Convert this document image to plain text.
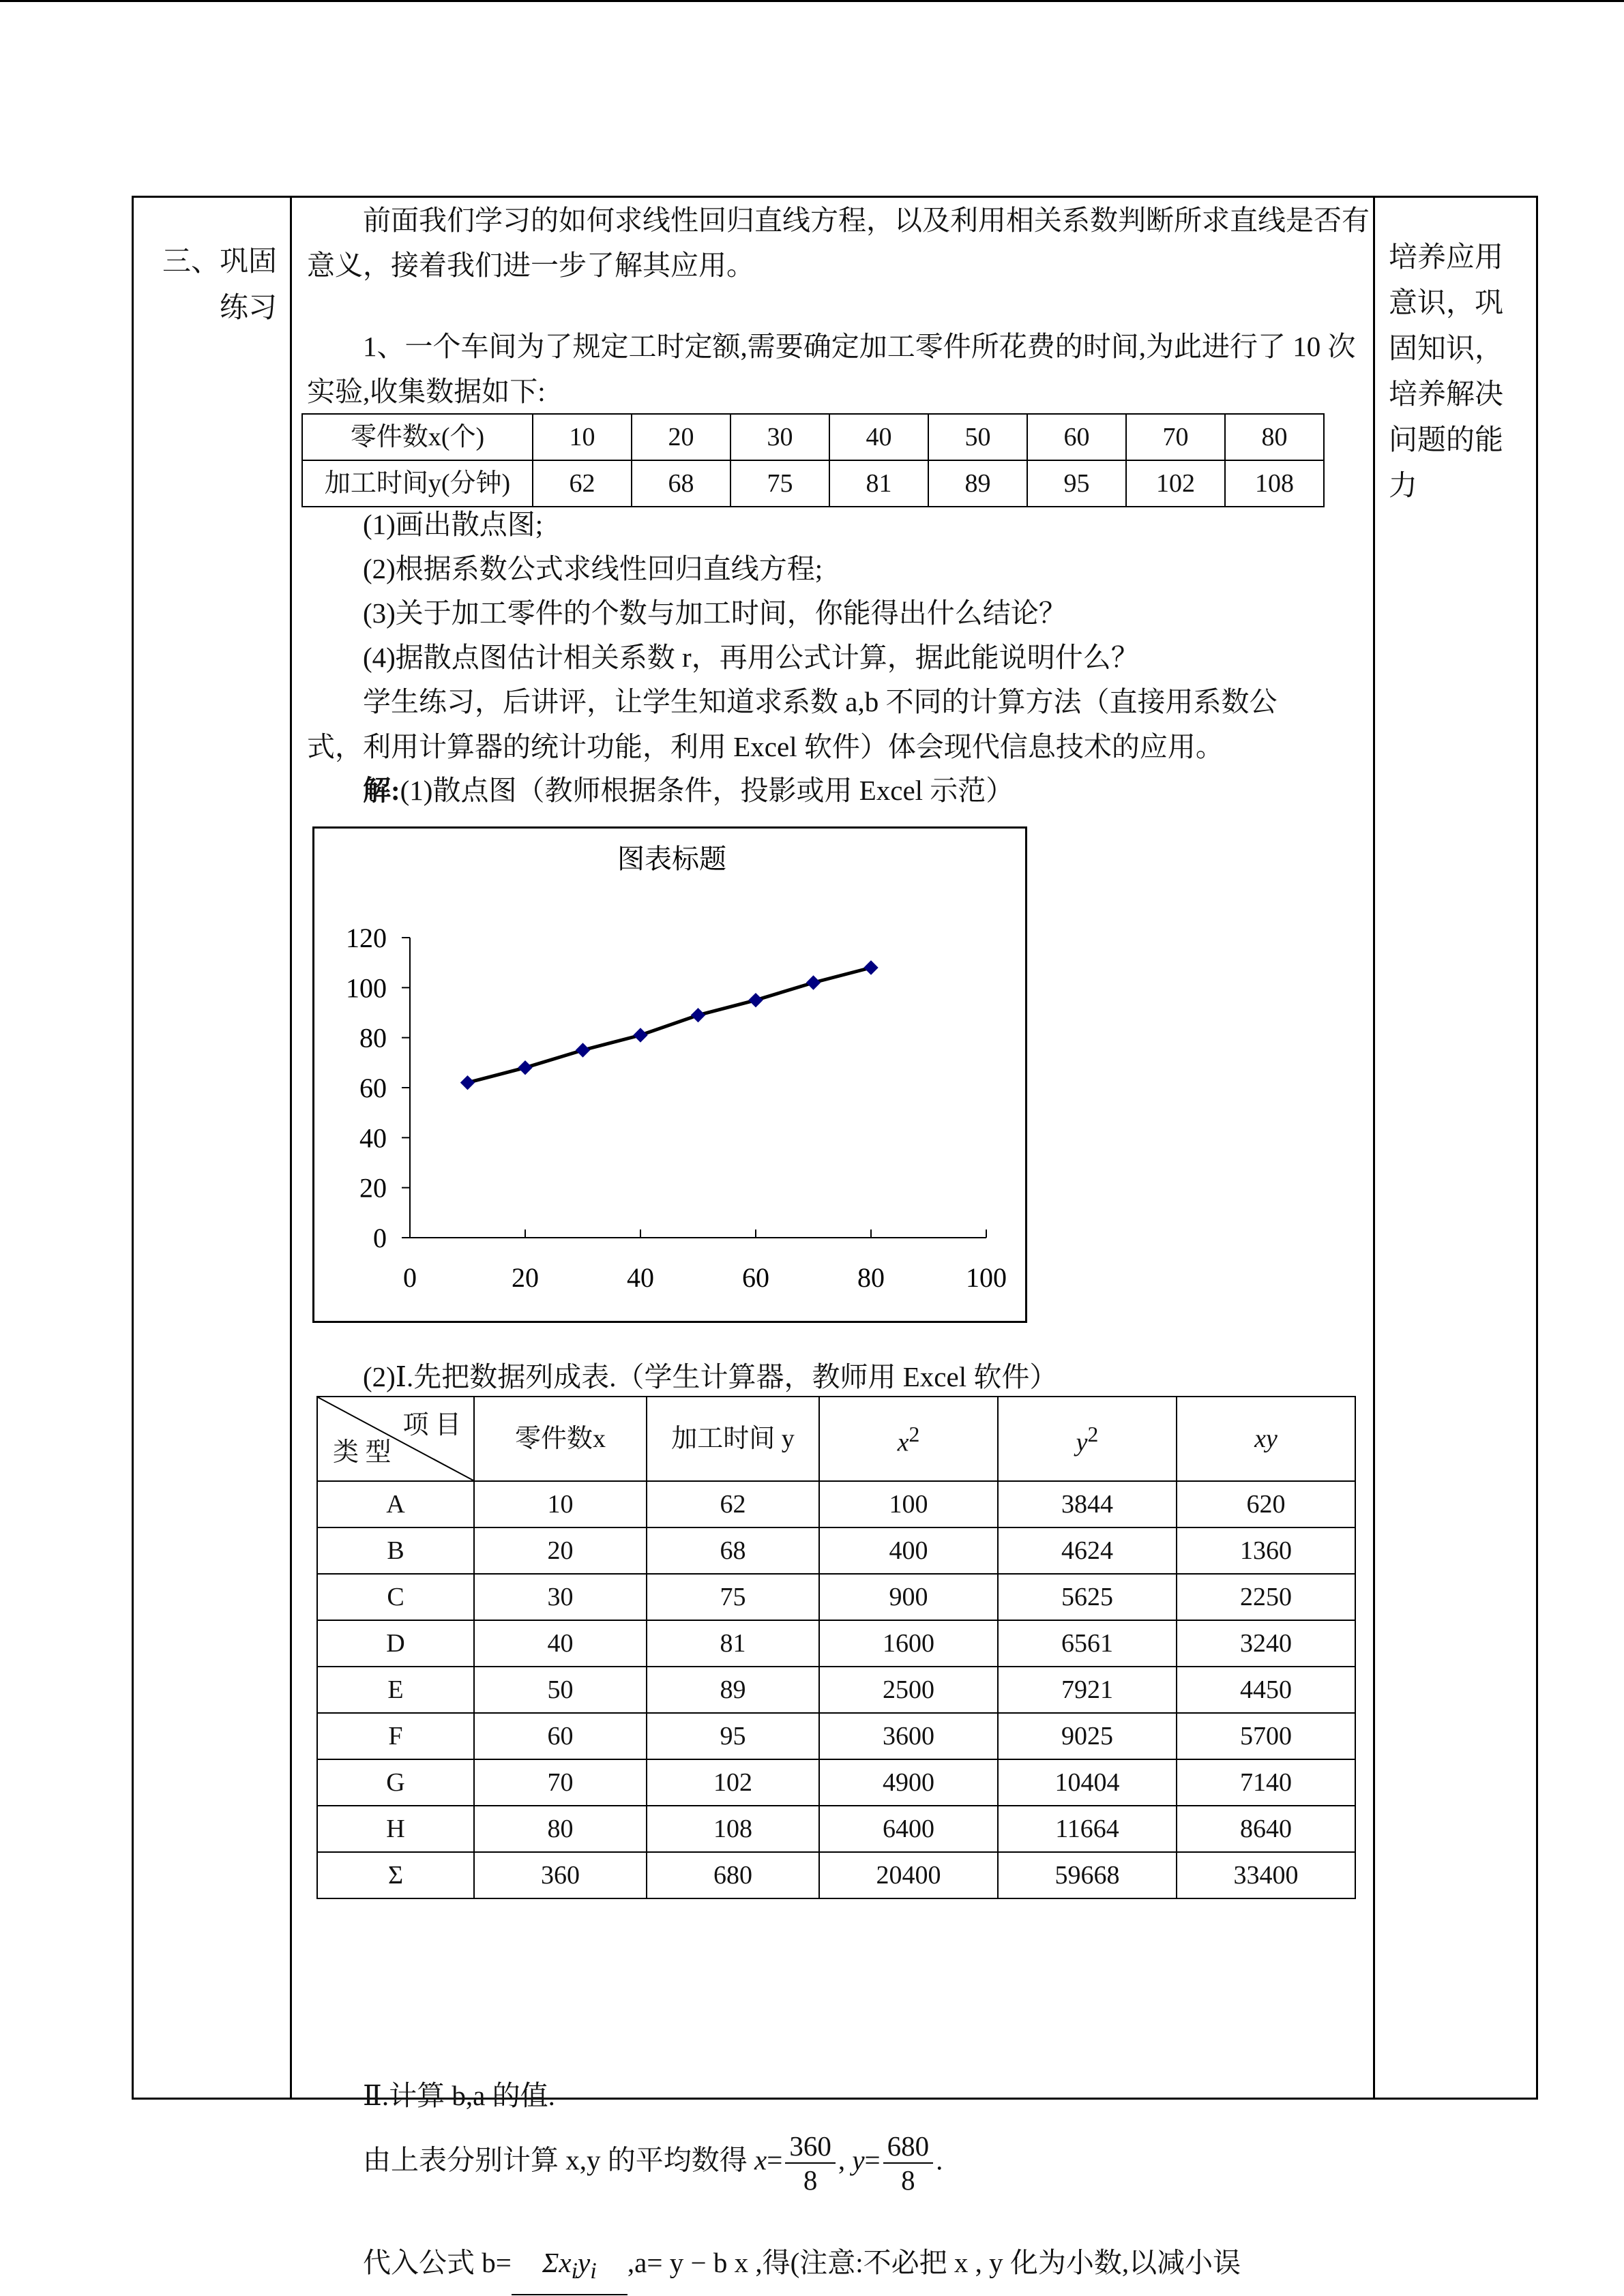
三、巩固
练习
培养应用
意识，巩
固知识，
培养解决
问题的能
力
前面我们学习的如何求线性回归直线方程，以及利用相关系数判断所求直线是否有意义，接着我们进一步了解其应用。
1、一个车间为了规定工时定额,需要确定加工零件所花费的时间,为此进行了 10 次实验,收集数据如下:
零件数x(个)	10	20	30	40	50	60	70	80
加工时间y(分钟)	62	68	75	81	89	95	102	108
(1)画出散点图;
(2)根据系数公式求线性回归直线方程;
(3)关于加工零件的个数与加工时间，你能得出什么结论？
(4)据散点图估计相关系数 r，再用公式计算，据此能说明什么？
学生练习，后讲评，让学生知道求系数 a,b 不同的计算方法（直接用系数公式，利用计算器的统计功能，利用 Excel 软件）体会现代信息技术的应用。
解:(1)散点图（教师根据条件，投影或用 Excel 示范）
图表标题
0
20
40
60
80
100
120
0	20	40	60	80	100
(2)Ⅰ.先把数据列成表.（学生计算器，教师用 Excel 软件）
项 目
类 型	零件数x	加工时间 y	$x^2$	$y^2$	xy
A	10	62	100	3844	620
B	20	68	400	4624	1360
C	30	75	900	5625	2250
D	40	81	1600	6561	3240
E	50	89	2500	7921	4450
F	60	95	3600	9025	5700
G	70	102	4900	10404	7140
H	80	108	6400	11664	8640
Σ	360	680	20400	59668	33400
Ⅱ.计算 b,a 的值.
由上表分别计算 x,y 的平均数得 $x= \frac{360}{8}$ , $y= \frac{680}{8}$ .
代入公式 $b= \Sigma x_iy_i$ ,a= y − b x ,得(注意:不必把 x , y 化为小数,以减小误
